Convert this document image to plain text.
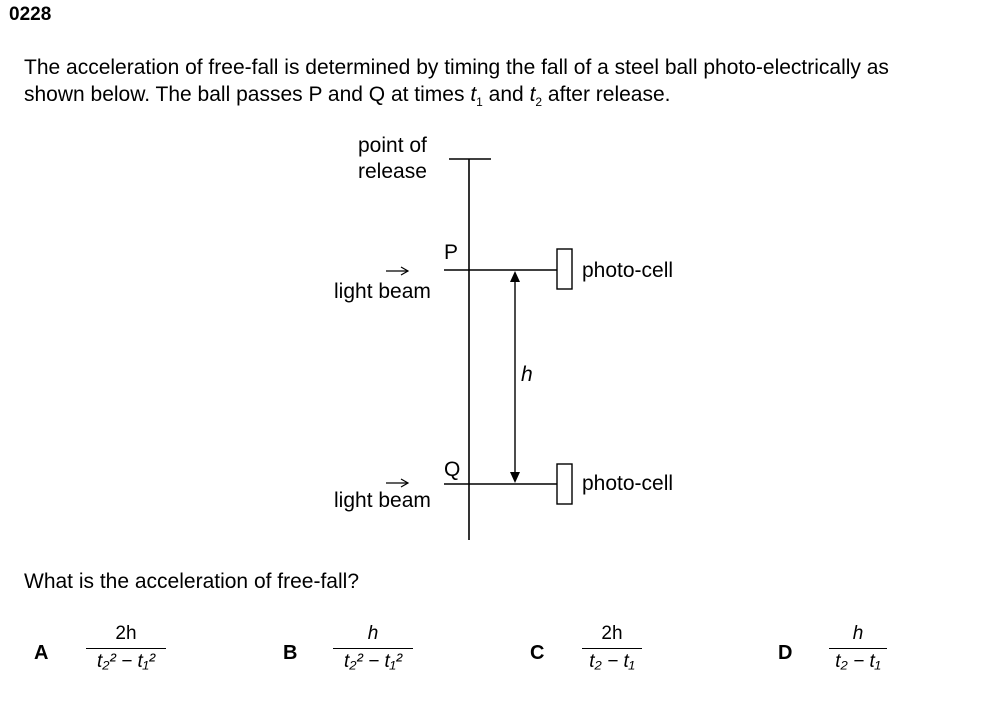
0228
The acceleration of free-fall is determined by timing the fall of a steel ball photo-electrically as
shown below. The ball passes P and Q at times $t_1$ and $t_2$ after release.
point of
release
P
light beam
photo-cell
h
Q
light beam
photo-cell
What is the acceleration of free-fall?
A
2h
t₂² − t₁²	B
h
t₂² − t₁²	C
2h
t₂ − t₁	D
h
t₂ − t₁
